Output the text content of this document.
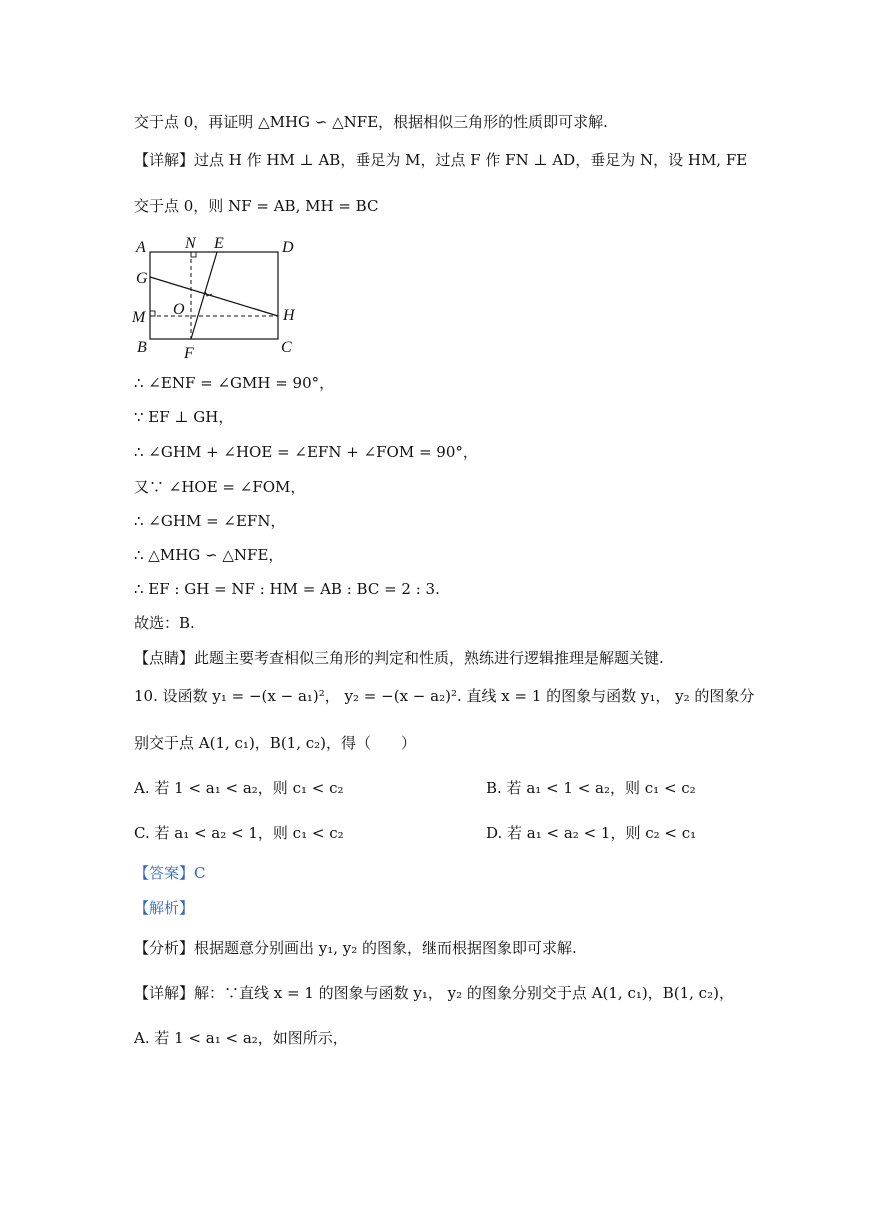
交于点 0，再证明 △MHG ∽ △NFE，根据相似三角形的性质即可求解.
【详解】过点 H 作 HM ⊥ AB，垂足为 M，过点 F 作 FN ⊥ AD，垂足为 N，设 HM, FE
交于点 0，则 NF = AB, MH = BC
A N E	D
G
O
M	H
B F	C
∴ ∠ENF = ∠GMH = 90°，
∵ EF ⊥ GH，
∴ ∠GHM + ∠HOE = ∠EFN + ∠FOM = 90°，
又∵ ∠HOE = ∠FOM，
∴ ∠GHM = ∠EFN，
∴ △MHG ∽ △NFE，
∴ EF : GH = NF : HM = AB : BC = 2 : 3.
故选：B.
【点睛】此题主要考查相似三角形的判定和性质，熟练进行逻辑推理是解题关键.
10. 设函数 y₁ = −(x − a₁)²， y₂ = −(x − a₂)². 直线 x = 1 的图象与函数 y₁， y₂ 的图象分
别交于点 A(1, c₁)，B(1, c₂)，得（　　）
A. 若 1 < a₁ < a₂，则 c₁ < c₂	B. 若 a₁ < 1 < a₂，则 c₁ < c₂
C. 若 a₁ < a₂ < 1，则 c₁ < c₂	D. 若 a₁ < a₂ < 1，则 c₂ < c₁
【答案】C
【解析】
【分析】根据题意分别画出 y₁, y₂ 的图象，继而根据图象即可求解.
【详解】解：∵直线 x = 1 的图象与函数 y₁， y₂ 的图象分别交于点 A(1, c₁)，B(1, c₂)，
A. 若 1 < a₁ < a₂，如图所示，
